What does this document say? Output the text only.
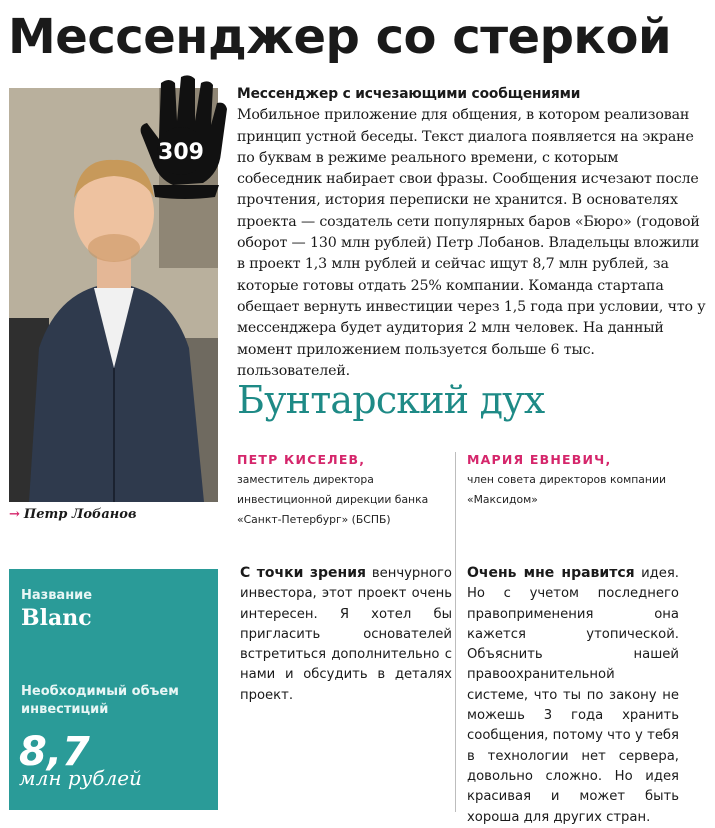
Мессенджер со стеркой
309
→ Петр Лобанов
Мессенджер с исчезающими сообщениями

Мобильное приложение для общения, в котором реализован принцип устной беседы. Текст диалога появляется на экране по буквам в режиме реального времени, с которым собеседник набирает свои фразы. Сообщения исчезают после прочтения, история переписки не хранится. В основателях проекта — создатель сети популярных баров «Бюро» (годовой оборот — 130 млн рублей) Петр Лобанов. Владельцы вложили в проект 1,3 млн рублей и сейчас ищут 8,7 млн рублей, за которые готовы отдать 25% компании. Команда стартапа обещает вернуть инвестиции через 1,5 года при условии, что у мессенджера будет аудитория 2 млн человек. На данный момент приложением пользуется больше 6 тыс. пользователей.

Бунтарский дух
ПЕТР КИСЕЛЕВ,
заместитель директора инвестиционной дирекции банка «Санкт-Петербург» (БСПБ)
МАРИЯ ЕВНЕВИЧ,
член совета директоров компании «Максидом»
Название
Blanc
Необходимый объем инвестиций
8,7
млн рублей
С точки зрения венчурного инвестора, этот проект очень интересен. Я хотел бы пригласить основателей встретиться дополнительно с нами и обсудить в деталях проект.
Очень мне нравится идея. Но с учетом последнего правоприменения она кажется утопической. Объяснить нашей правоохранительной системе, что ты по закону не можешь 3 года хранить сообщения, потому что у тебя в технологии нет сервера, довольно сложно. Но идея красивая и может быть хороша для других стран.
